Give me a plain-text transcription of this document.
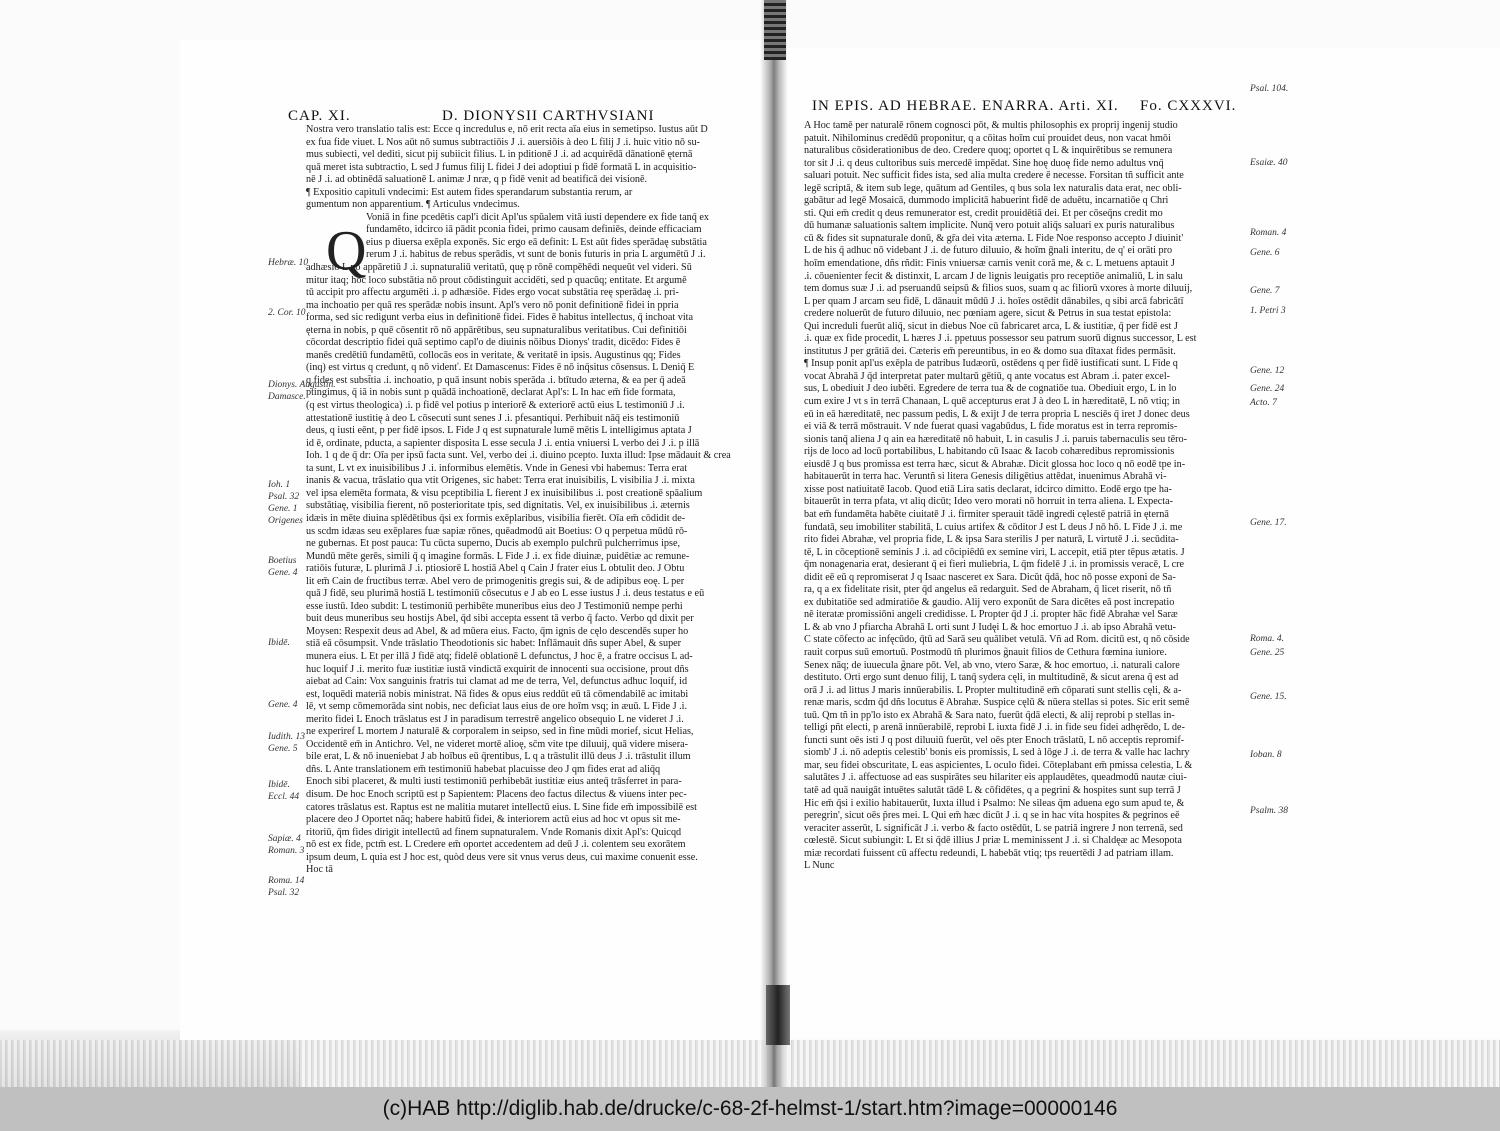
CAP. XI.	D. DIONYSII CARTHVSIANI
Q
Nostra vero translatio talis est: Ecce q incredulus e, nō erit recta aīa eius in semetipso. Iustus aūt D
ex fua fide viuet. L Nos aūt nō sumus subtractiōis J .i. auersiōis à deo L filij J .i. huic vitio nō su-
mus subiecti, vel dediti, sicut pij subiicit filius. L in pditionē J .i. ad acquirēdā dānationē ęternā
quā meret ista subtractio, L sed J fumus filij L fidei J dei adoptiui p fidē formatā L in acquisitio-
nē J .i. ad obtinēdā saluationē L animæ J nræ, q p fidē venit ad beatificā dei visionē.
¶ Expositio capituli vndecimi: Est autem fides sperandarum substantia rerum, ar
gumentum non apparentium. ¶ Articulus vndecimus.
Voniā in fine pcedētis capl'i dicit Apl'us spūalem vitā iusti dependere ex fide tanq̄ ex
fundamēto, idcirco iā pādit pconia fidei, primo causam definiēs, deinde efficaciam
eius p diuersa exēpla exponēs. Sic ergo eā definit: L Est aūt fides sperādaę substātia
rerum J .i. habitus de rebus sperādis, vt sunt de bonis futuris in pria L argumētū J .i.
adhæsio L nō appāretiū J .i. supnaturaliū veritatū, quę p rōnē compēhēdi nequeūt vel videri. Sū
mitur itaq; hoc loco substātia nō prout cōdistinguit accidēti, sed p quacūq; entitate. Et argumē
tū accipit pro affectu argumēti .i. p adhæsiōe. Fides ergo vocat substātia reę sperādaę .i. pri-
ma inchoatio per quā res sperādæ nobis insunt. Apl's vero nō ponit definitionē fidei in ppria
forma, sed sic redigunt verba eius in definitionē fidei. Fides ē habitus intellectus, q̄ inchoat vita
ęterna in nobis, p quē cōsentit rō nō appārētibus, seu supnaturalibus veritatibus. Cui definitiōi
cōcordat descriptio fidei quā septimo capl'o de diuinis nōibus Dionys' tradit, dicēdo: Fides ē
manēs credētiū fundamētū, collocās eos in veritate, & veritatē in ipsis. Augustinus qq; Fides
(inq) est virtus q credunt, q nō videnť. Et Damascenus: Fides ē nō inq̄situs cōsensus. L Deniq̄ E
q fides est subst̄tia .i. inchoatio, p quā insunt nobis sperāda .i. btītudo æterna, & ea per q̄ adeā
ptingimus, q̄ iā in nobis sunt p quādā inchoationē, declarat Apl's: L In hac em̄ fide formata,
(q est virtus theologica) .i. p fidē vel potius p interiorē & exteriorē actū eius L testimoniū J .i.
attestationē iustitię à deo L cōsecuti sunt senes J .i. pfesantiqui. Perhibuit nāq̄ eis testimoniū
deus, q iusti eēnt, p per fidē ipsos. L Fide J q est supnaturale lumē mētis L intelligimus aptata J
id ē, ordinate, pducta, a sapienter disposita L esse secula J .i. entia vniuersi L verbo dei J .i. p illā
Ioh. 1 q de q̄ dr: Oīa per ipsū facta sunt. Vel, verbo dei .i. diuino pcepto. Iuxta illud: Ipse mādauit & crea
ta sunt, L vt ex inuisibilibus J .i. informibus elemētis. Vnde in Genesi vbi habemus: Terra erat
inanis & vacua, trāslatio qua vtit Origenes, sic habet: Terra erat inuisibilis, L visibilia J .i. mixta
vel ipsa elemēta formata, & visu pceptibilia L fierent J ex inuisibilibus .i. post creationē spāalium
substātiaę, visibilia fierent, nō posterioritate tpis, sed dignitatis. Vel, ex inuisibilibus .i. æternis
idæis in mēte diuina splēdētibus q̄si ex formis exēplaribus, visibilia fierēt. Oīa em̄ cōdidit de-
us scd̄m idæas seu exēplares fuæ sapiæ rōnes, quēadmodū ait Boetius: O q perpetua mūdū rō-
ne gubernas. Et post pauca: Tu cūcta superno, Ducis ab exemplo pulchrū pulcherrimus ipse,
Mundū mēte gerēs, simili q̄ q imagine formās. L Fide J .i. ex fide diuinæ, puidētiæ ac remune-
ratiōis futuræ, L plurimā J .i. ptiosiorē L hostiā Abel q Cain J frater eius L obtulit deo. J Obtu
lit em̄ Cain de fructibus terræ. Abel vero de primogenitis gregis sui, & de adipibus eoę. L per
quā J fidē, seu plurimā hostiā L testimoniū cōsecutus e J ab eo L esse iustus J .i. deus testatus e eū
esse iustū. Ideo subdit: L testimoniū perhibēte muneribus eius deo J Testimoniū nempe perhi
buit deus muneribus seu hostijs Abel, q̄d sibi accepta essent tā verbo q̄ facto. Verbo qd dixit per
Moysen: Respexit deus ad Abel, & ad mūera eius. Facto, q̄m ignis de cęlo descendēs super ho
stiā eā cōsumpsit. Vnde trāslatio Theodotionis sic habet: Inflāmauit dñs super Abel, & super
munera eius. L Et per illā J fidē atq; fidelē oblationē L defunctus, J hoc ē, a fratre occisus L ad-
huc loquif J .i. merito fuæ iustitiæ iustā vindictā exquirit de innocenti sua occisione, prout dñs
aiebat ad Cain: Vox sanguinis fratris tui clamat ad me de terra, Vel, defunctus adhuc loquif, id
est, loquēdi materiā nobis ministrat. Nā fides & opus eius reddūt eū tā cōmendabilē ac imitabi
lē, vt semp cōmemorāda sint nobis, nec deficiat laus eius de ore hoīm vsq; in æuū. L Fide J .i.
merito fidei L Enoch trāslatus est J in paradisum terrestrē angelico obsequio L ne videret J .i.
ne experiref L mortem J naturalē & corporalem in seipso, sed in fine mūdi morief, sicut Helias,
Occidentē em̄ in Antichro. Vel, ne videret mortē alioę, sc̄m vite tpe diluuij, quā videre misera-
bile erat, L & nō inueniebat J ab hoībus eū q̄rentibus, L q a trāstulit illū deus J .i. trāstulit illum
dñs. L Ante translationem em̄ testimoniū habebat placuisse deo J qm fides erat ad aliq̄q
Enoch sibi placeret, & multi iusti testimoniū perhibebāt iustitiæ eius anteq̄ trāsferret in para-
disum. De hoc Enoch scriptū est p Sapientem: Placens deo factus dilectus & viuens inter pec-
catores trāslatus est. Raptus est ne malitia mutaret intellectū eius. L Sine fide em̄ impossibilē est
placere deo J Oportet nāq; habere habitū fidei, & interiorem actū eius ad hoc vt opus sit me-
ritoriū, q̄m fides dirigit intellectū ad finem supnaturalem. Vnde Romanis dixit Apl's: Quicqd
nō est ex fide, pctm̄ est. L Credere em̄ oportet accedentem ad deū J .i. colentem seu exorātem
ipsum deum, L quia est J hoc est, quòd deus vere sit vnus verus deus, cui maxime conuenit esse.
Hoc tā
Hebræ. 10
2. Cor. 10
Dionys. Augustin.
Damasce.
Ioh. 1
Psal. 32
Gene. 1
Origenes
Boetius
Gene. 4
Ibidē.
Gene. 4
Iudith. 13
Gene. 5
Ibidē.
Eccl. 44
Sapiæ. 4
Roman. 3
Roma. 14
Psal. 32
IN EPIS. AD HEBRAE. ENARRA. Arti. XI. Fo. CXXXVI.
A Hoc tamē per naturalē rōnem cognosci pōt, & multis philosophis ex proprij ingenij studio
patuit. Nihilominus credēdū proponitur, q a cōitas hoīm cui prouidet deus, non vacat hmōi
naturalibus cōsiderationibus de deo. Credere quoq; oportet q L & inquirētibus se remunera
tor sit J .i. q deus cultoribus suis mercedē impēdat. Sine hoę duoę fide nemo adultus vnq̄
saluari potuit. Nec sufficit fides ista, sed alia multa credere ē necesse. Forsitan tñ sufficit ante
legē scriptā, & item sub lege, quātum ad Gentiles, q bus sola lex naturalis data erat, nec obli-
gabātur ad legē Mosaicā, dummodo implicitā habuerint fidē de aduētu, incarnatiōe q Chri
sti. Qui em̄ credit q deus remunerator est, credit prouidētiā dei. Et per cōseq̄ns credit mo
dū humanæ saluationis saltem implicite. Nunq̄ vero potuit aliq̄s saluari ex puris naturalibus
cū & fides sit supnaturale donū, & gr̄a dei vita æterna. L Fide Noe responso accepto J diuinit'
L de his q̄ adhuc nō videbant J .i. de futuro diluuio, & hoīm ḡnali interitu, de q' ei orāti pro
hoīm emendatione, dñs rñdit: Finis vniuersæ carnis venit corā me, & c. L metuens aptauit J
.i. cōuenienter fecit & distinxit, L arcam J de lignis leuigatis pro receptiōe animaliū, L in salu
tem domus suæ J .i. ad pseruandū seipsū & filios suos, suam q ac filiorū vxores à morte diluuij,
L per quam J arcam seu fidē, L dānauit mūdū J .i. hoīes ostēdit dānabiles, q sibi arcā fabricātī
credere noluerūt de futuro diluuio, nec pœniam agere, sicut & Petrus in sua testat epistola:
Qui increduli fuerūt aliq̄, sicut in diebus Noe cū fabricaret arca, L & iustitiæ, q̄ per fidē est J
.i. quæ ex fide procedit, L hæres J .i. ppetuus possessor seu patrum suorū dignus successor, L est
institutus J per grātiā dei. Cæteris em̄ pereuntibus, in eo & domo sua dītaxat fides permāsit.
¶ Insup ponit apl'us exēpla de patribus Iudæorū, ostēdens q per fidē iustificati sunt. L Fide q
vocat Abrahā J q̄d interpretat pater multarū gētiū, q ante vocatus est Abram .i. pater excel-
sus, L obediuit J deo iubēti. Egredere de terra tua & de cognatiōe tua. Obediuit ergo, L in lo
cum exire J vt s in terrā Chanaan, L quē accepturus erat J à deo L in hæreditatē, L nō vtiq; in
eū in eā hæreditatē, nec passum pedis, L & exijt J de terra propria L nesciēs q̄ iret J donec deus
ei viā & terrā mōstrauit. V nde fuerat quasi vagabūdus, L fide moratus est in terra repromis-
sionis tanq̄ aliena J q ain ea hæreditatē nō habuit, L in casulis J .i. paruis tabernaculis seu tēro-
rijs de loco ad locū portabilibus, L habitando cū Isaac & Iacob cohæredibus repromissionis
eiusdē J q bus promissa est terra hæc, sicut & Abrahæ. Dicit glossa hoc loco q nō eodē tpe in-
habitauerūt in terra hac. Veruntñ si litera Genesis diligētius attēdat, inuenimus Abrahā vi-
xisse post natiuitatē Iacob. Quod etiā Lira satis declarat, idcirco dimitto. Eodē ergo tpe ha-
bitauerūt in terra pfata, vt aliq dicūt; Ideo vero morati nō horruit in terra aliena. L Expecta-
bat em̄ fundamēta habēte ciuitatē J .i. firmiter sperauit tādē ingredi cęlestē patriā in ęternā
fundatā, seu imobiliter stabilitā, L cuius artifex & cōditor J est L deus J nō hō. L Fide J .i. me
rito fidei Abrahæ, vel propria fide, L & ipsa Sara sterilis J per naturā, L virtutē J .i. secūdita-
tē, L in cōceptionē seminis J .i. ad cōcipiēdū ex semine viri, L accepit, etiā pter tēpus ætatis. J
q̄m nonagenaria erat, desierant q̄ ei fieri muliebria, L q̄m fidelē J .i. in promissis veracē, L cre
didit eē eū q repromiserat J q Isaac nasceret ex Sara. Dicūt q̄dā, hoc nō posse exponi de Sa-
ra, q a ex fidelitate risit, pter q̄d angelus eā redarguit. Sed de Abraham, q̄ licet riserit, nō tñ
ex dubitatiōe sed admiratiōe & gaudio. Alij vero exponūt de Sara dicētes eā post increpatio
nē iteratæ promissiōni angeli credidisse. L Propter q̄d J .i. propter hāc fidē Abrahæ vel Saræ
L & ab vno J pfiarcha Abrahā L orti sunt J Iudęi L & hoc emortuo J .i. ab ipso Abrahā vetu-
C state cōfecto ac infęcūdo, q̄tū ad Sarā seu quālibet vetulā. Vñ ad Rom. dicitū est, q nō cōside
rauit corpus suū emortuū. Postmodū tñ plurimos g̃nauit filios de Cethura fœmina iuniore.
Senex nāq; de iuuecula g̃nare pōt. Vel, ab vno, vtero Saræ, & hoc emortuo, .i. naturali calore
destituto. Orti ergo sunt denuo filij, L tanq̄ sydera cęli, in multitudinē, & sicut arena q̄ est ad
orā J .i. ad littus J maris innūerabilis. L Propter multitudinē em̄ cōparati sunt stellis cęli, & a-
renæ maris, scd̄m q̄d dñs locutus ē Abrahæ. Suspice cęlū & nūera stellas si potes. Sic erit semē
tuū. Q̄m tñ in pp'lo isto ex Abrahā & Sara nato, fuerūt q̄dā electi, & alij reprobi p stellas in-
telligi pñt electi, p arenā innūerabilē, reprobi L iuxta fidē J .i. in fide seu fidei adhęrēdo, L de-
functi sunt oēs isti J q post diluuiū fuerūt, vel oēs pter Enoch trāslatū, L nō acceptis repromif-
siomb' J .i. nō adeptis celestib' bonis eis promissis, L sed à lōge J .i. de terra & valle hac lachry
mar, seu fidei obscuritate, L eas aspicientes, L oculo fidei. Cōteplabant em̄ pmissa celestia, L &
salutātes J .i. affectuose ad eas suspirātes seu hilariter eis applaudētes, queadmodū nautæ ciui-
tatē ad quā nauigāt intuētes salutāt tādē L & cōfidētes, q a pegrini & hospites sunt sup terrā J
Hic em̄ q̄si i exilio habitauerūt, Iuxta illud i Psalmo: Ne sileas q̄m aduena ego sum apud te, &
peregrin', sicut oēs p̃res mei. L Qui em̄ hæc dicūt J .i. q se in hac vita hospites & pegrinos eē
veraciter asserūt, L significāt J .i. verbo & facto ostēdūt, L se patriā ingrere J non terrenā, sed
cœlestē. Sicut subiungit: L Et si q̄dē illius J priæ L meminissent J .i. si Chaldęæ ac Mesopota
miæ recordati fuissent cū affectu redeundi, L habebāt vtiq; tps reuertēdi J ad patriam illam.
L Nunc
Psal. 104.
Esaiæ. 40
Roman. 4
Gene. 6
Gene. 7
1. Petri 3
Gene. 12
Gene. 24
Acto. 7
Gene. 17.
Roma. 4.
Gene. 25
Gene. 15.
Ioban. 8
Psalm. 38
(c)HAB http://diglib.hab.de/drucke/c-68-2f-helmst-1/start.htm?image=00000146
